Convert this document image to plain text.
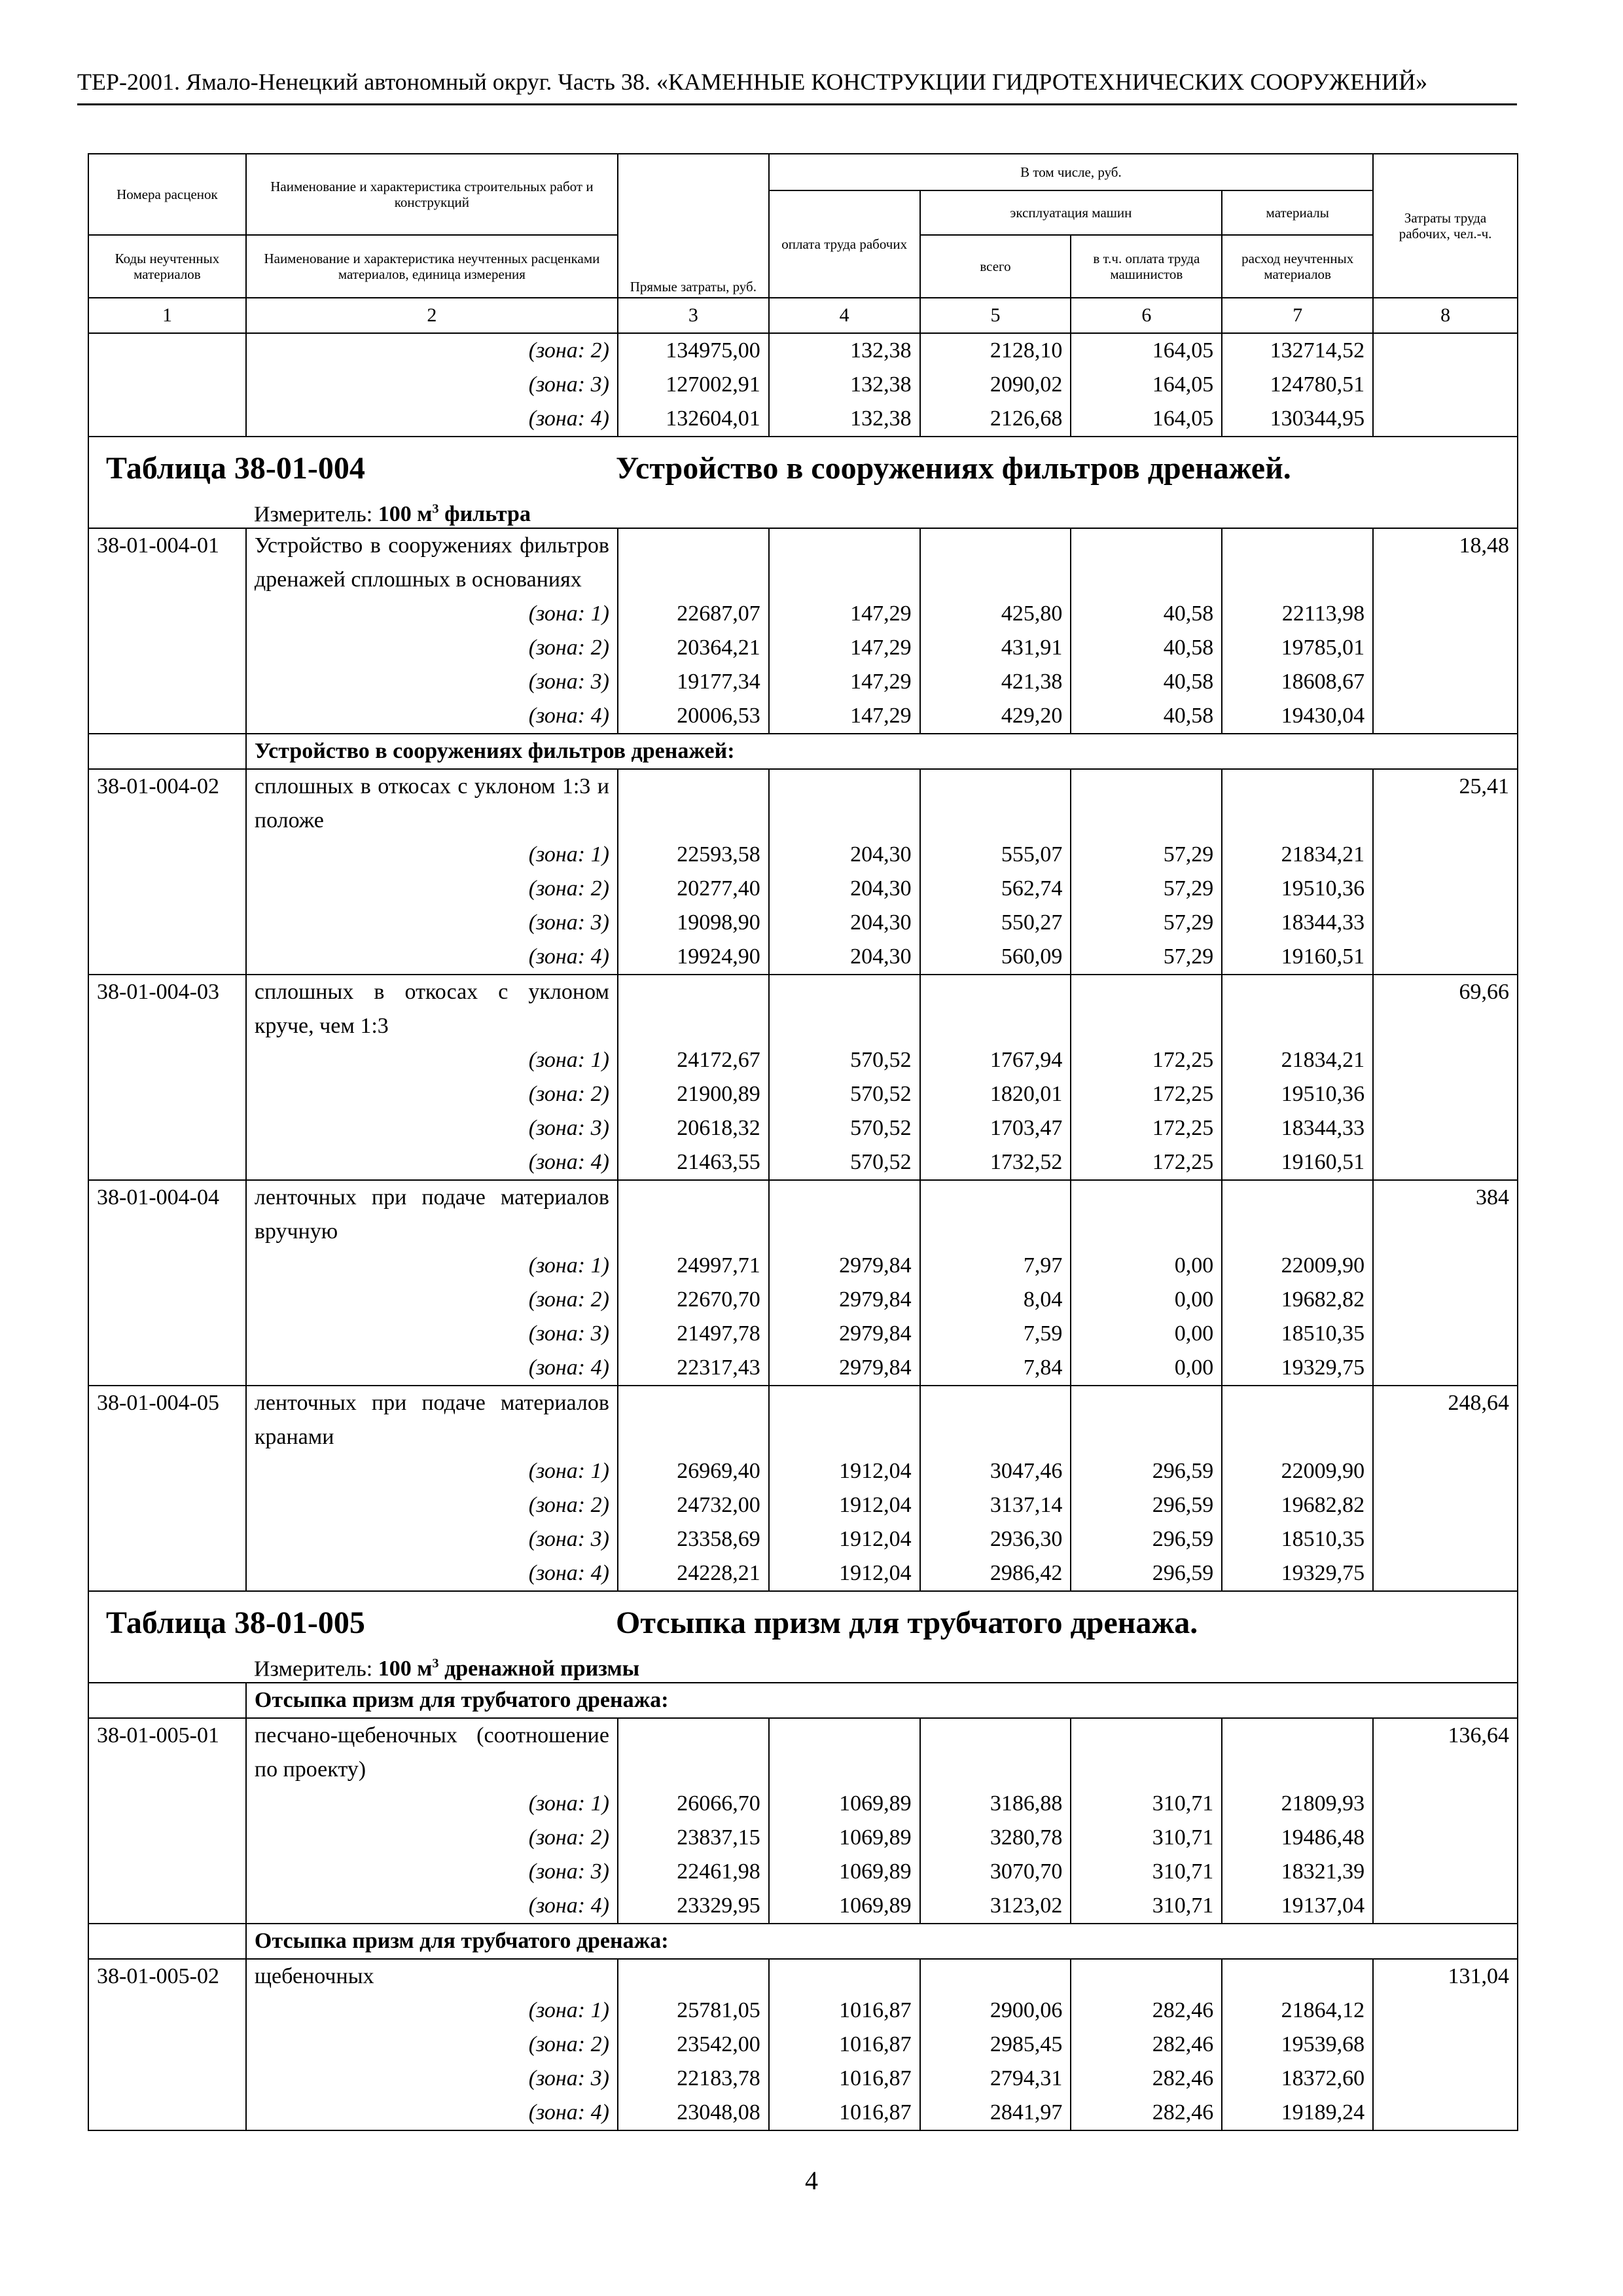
ТЕР-2001. Ямало-Ненецкий автономный округ. Часть 38. «КАМЕННЫЕ КОНСТРУКЦИИ ГИДРОТЕХНИЧЕСКИХ СООРУЖЕНИЙ»
Номера расценок	Наименование и характеристика строительных работ и конструкций	Прямые затраты, руб.	В том числе, руб.				Затраты труда рабочих, чел.-ч.
			оплата труда рабочих	эксплуатация машин		материалы	
Коды неучтенных материалов	Наименование и характеристика неучтенных расценками материалов, единица измерения			всего	в т.ч. оплата труда машинистов	расход неучтенных материалов	

1	2	3	4	5	6	7	8
	(зона: 2)	134975,00	132,38	2128,10	164,05	132714,52	
	(зона: 3)	127002,91	132,38	2090,02	164,05	124780,51	
	(зона: 4)	132604,01	132,38	2126,68	164,05	130344,95	

Таблица 38-01-004 Устройство в сооружениях фильтров дренажей.
Измеритель: 100 $м^3$ фильтра							

38-01-004-01	Устройство в сооружениях фильтров дренажей сплошных в основаниях						18,48
	(зона: 1)	22687,07	147,29	425,80	40,58	22113,98	
	(зона: 2)	20364,21	147,29	431,91	40,58	19785,01	
	(зона: 3)	19177,34	147,29	421,38	40,58	18608,67	
	(зона: 4)	20006,53	147,29	429,20	40,58	19430,04	
	Устройство в сооружениях фильтров дренажей:						
38-01-004-02	сплошных в откосах с уклоном 1:3 и положе						25,41
	(зона: 1)	22593,58	204,30	555,07	57,29	21834,21	
	(зона: 2)	20277,40	204,30	562,74	57,29	19510,36	
	(зона: 3)	19098,90	204,30	550,27	57,29	18344,33	
	(зона: 4)	19924,90	204,30	560,09	57,29	19160,51	
38-01-004-03	сплошных в откосах с уклоном круче, чем 1:3						69,66
	(зона: 1)	24172,67	570,52	1767,94	172,25	21834,21	
	(зона: 2)	21900,89	570,52	1820,01	172,25	19510,36	
	(зона: 3)	20618,32	570,52	1703,47	172,25	18344,33	
	(зона: 4)	21463,55	570,52	1732,52	172,25	19160,51	
38-01-004-04	ленточных при подаче материалов вручную						384
	(зона: 1)	24997,71	2979,84	7,97	0,00	22009,90	
	(зона: 2)	22670,70	2979,84	8,04	0,00	19682,82	
	(зона: 3)	21497,78	2979,84	7,59	0,00	18510,35	
	(зона: 4)	22317,43	2979,84	7,84	0,00	19329,75	
38-01-004-05	ленточных при подаче материалов кранами						248,64
	(зона: 1)	26969,40	1912,04	3047,46	296,59	22009,90	
	(зона: 2)	24732,00	1912,04	3137,14	296,59	19682,82	
	(зона: 3)	23358,69	1912,04	2936,30	296,59	18510,35	
	(зона: 4)	24228,21	1912,04	2986,42	296,59	19329,75	

Таблица 38-01-005 Отсыпка призм для трубчатого дренажа.
Измеритель: 100 $м^3$ дренажной призмы							

	Отсыпка призм для трубчатого дренажа:						
38-01-005-01	песчано-щебеночных (соотношение по проекту)						136,64
	(зона: 1)	26066,70	1069,89	3186,88	310,71	21809,93	
	(зона: 2)	23837,15	1069,89	3280,78	310,71	19486,48	
	(зона: 3)	22461,98	1069,89	3070,70	310,71	18321,39	
	(зона: 4)	23329,95	1069,89	3123,02	310,71	19137,04	
	Отсыпка призм для трубчатого дренажа:						
38-01-005-02	щебеночных						131,04
	(зона: 1)	25781,05	1016,87	2900,06	282,46	21864,12	
	(зона: 2)	23542,00	1016,87	2985,45	282,46	19539,68	
	(зона: 3)	22183,78	1016,87	2794,31	282,46	18372,60	
	(зона: 4)	23048,08	1016,87	2841,97	282,46	19189,24	
4
